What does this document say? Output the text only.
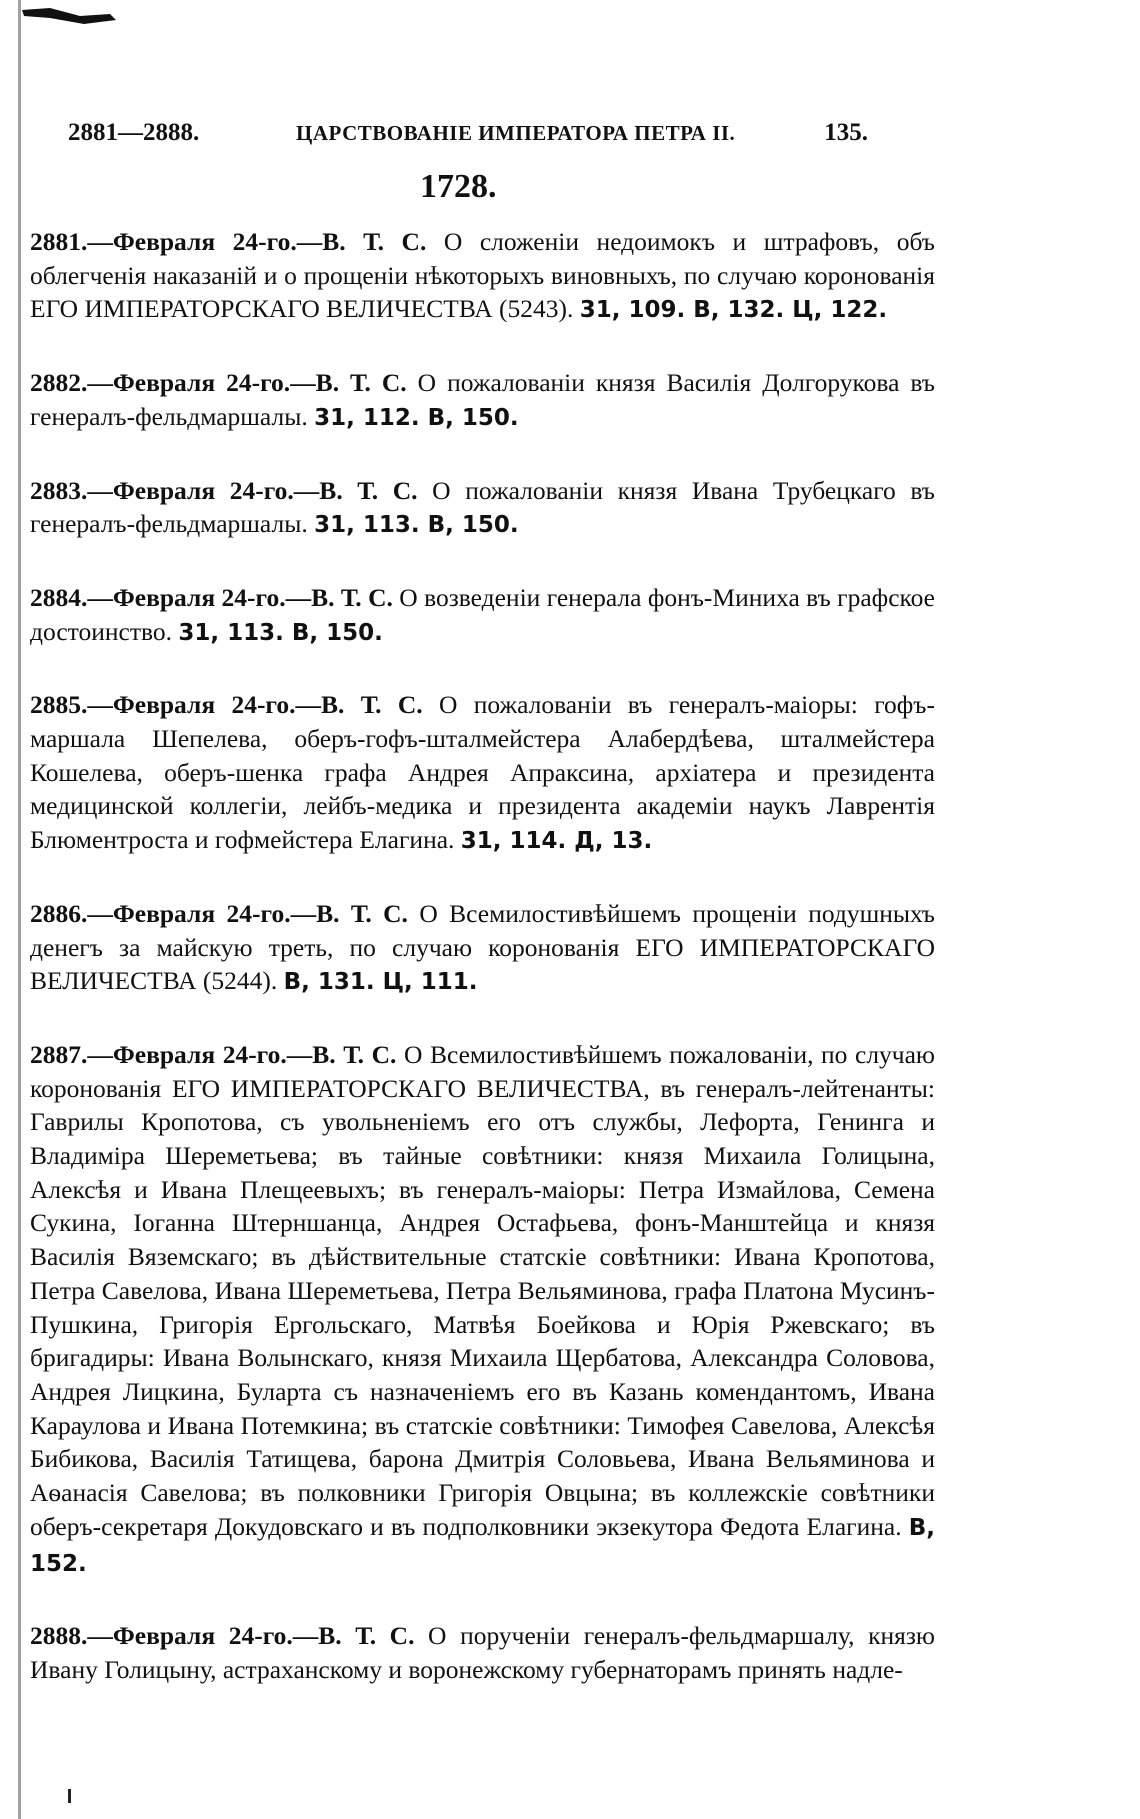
2881—2888.	ЦАРСТВОВАНІЕ ИМПЕРАТОРА ПЕТРА II.	135.
1728.
2881.—Февраля 24-го.—В. Т. С. О сложеніи недоимокъ и штрафовъ, объ облегченія наказаній и о прощеніи нѣкоторыхъ виновныхъ, по случаю коронованія ЕГО ИМПЕРАТОРСКАГО ВЕЛИЧЕСТВА (5243). 31, 109. В, 132. Ц, 122.
2882.—Февраля 24-го.—В. Т. С. О пожалованіи князя Василія Долгорукова въ генералъ-фельдмаршалы. 31, 112. В, 150.
2883.—Февраля 24-го.—В. Т. С. О пожалованіи князя Ивана Трубецкаго въ генералъ-фельдмаршалы. 31, 113. В, 150.
2884.—Февраля 24-го.—В. Т. С. О возведеніи генерала фонъ-Миниха въ графское достоинство. 31, 113. В, 150.
2885.—Февраля 24-го.—В. Т. С. О пожалованіи въ генералъ-маіоры: гофъ-маршала Шепелева, оберъ-гофъ-шталмейстера Алабердѣева, шталмейстера Кошелева, оберъ-шенка графа Андрея Апраксина, архіатера и президента медицинской коллегіи, лейбъ-медика и президента академіи наукъ Лаврентія Блюментроста и гофмейстера Елагина. 31, 114. Д, 13.
2886.—Февраля 24-го.—В. Т. С. О Всемилостивѣйшемъ прощеніи подушныхъ денегъ за майскую треть, по случаю коронованія ЕГО ИМПЕРАТОРСКАГО ВЕЛИЧЕСТВА (5244). В, 131. Ц, 111.
2887.—Февраля 24-го.—В. Т. С. О Всемилостивѣйшемъ пожалованіи, по случаю коронованія ЕГО ИМПЕРАТОРСКАГО ВЕЛИЧЕСТВА, въ генералъ-лейтенанты: Гаврилы Кропотова, съ увольненіемъ его отъ службы, Лефорта, Генинга и Владиміра Шереметьева; въ тайные совѣтники: князя Михаила Голицына, Алексѣя и Ивана Плещеевыхъ; въ генералъ-маіоры: Петра Измайлова, Семена Сукина, Іоганна Штерншанца, Андрея Остафьева, фонъ-Манштейца и князя Василія Вяземскаго; въ дѣйствительные статскіе совѣтники: Ивана Кропотова, Петра Савелова, Ивана Шереметьева, Петра Вельяминова, графа Платона Мусинъ-Пушкина, Григорія Ергольскаго, Матвѣя Боейкова и Юрія Ржевскаго; въ бригадиры: Ивана Волынскаго, князя Михаила Щербатова, Александра Соловова, Андрея Лицкина, Буларта съ назначеніемъ его въ Казань комендантомъ, Ивана Караулова и Ивана Потемкина; въ статскіе совѣтники: Тимофея Савелова, Алексѣя Бибикова, Василія Татищева, барона Дмитрія Соловьева, Ивана Вельяминова и Аѳанасія Савелова; въ полковники Григорія Овцына; въ коллежскіе совѣтники оберъ-секретаря Докудовскаго и въ подполковники экзекутора Федота Елагина. В, 152.
2888.—Февраля 24-го.—В. Т. С. О порученіи генералъ-фельдмаршалу, князю Ивану Голицыну, астраханскому и воронежскому губернаторамъ принять надле-
